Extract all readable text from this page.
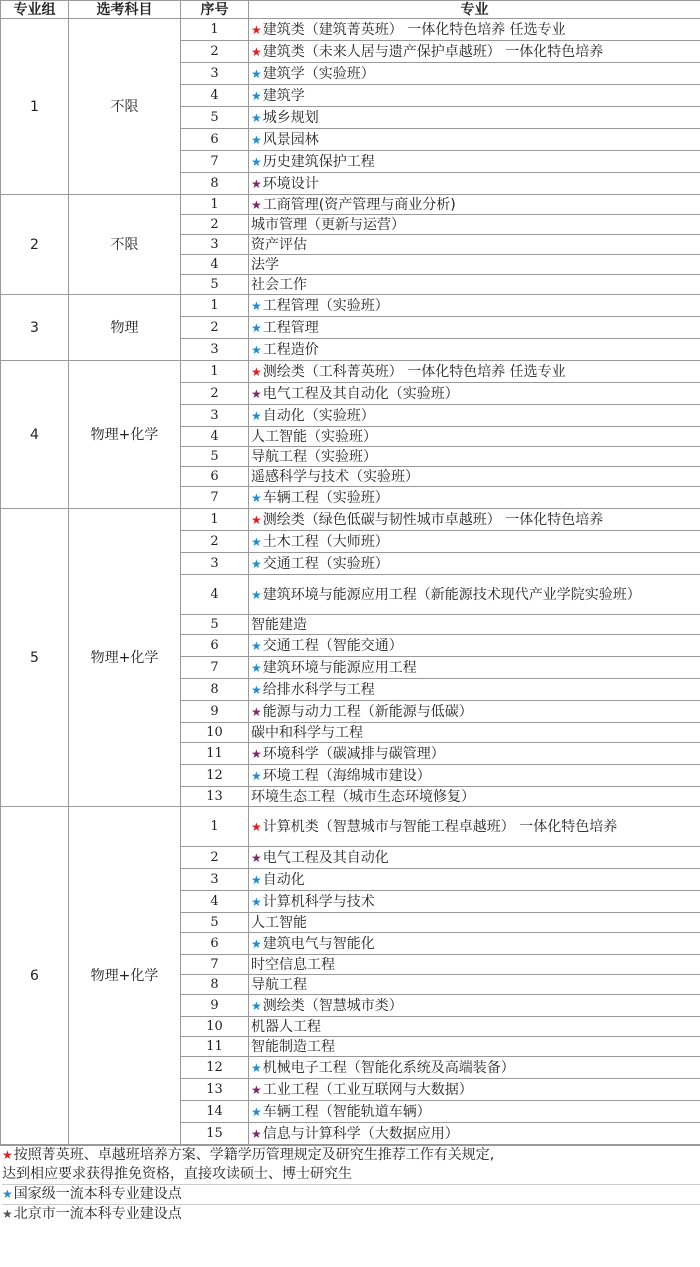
专业组	选考科目	序号	专业
1	不限	1	★建筑类（建筑菁英班） 一体化特色培养 任选专业
		2	★建筑类（未来人居与遗产保护卓越班） 一体化特色培养
		3	★建筑学（实验班）
		4	★建筑学
		5	★城乡规划
		6	★风景园林
		7	★历史建筑保护工程
		8	★环境设计
2	不限	1	★工商管理(资产管理与商业分析)
		2	城市管理（更新与运营）
		3	资产评估
		4	法学
		5	社会工作
3	物理	1	★工程管理（实验班）
		2	★工程管理
		3	★工程造价
4	物理+化学	1	★测绘类（工科菁英班） 一体化特色培养 任选专业
		2	★电气工程及其自动化（实验班）
		3	★自动化（实验班）
		4	人工智能（实验班）
		5	导航工程（实验班）
		6	遥感科学与技术（实验班）
		7	★车辆工程（实验班）
5	物理+化学	1	★测绘类（绿色低碳与韧性城市卓越班） 一体化特色培养
		2	★土木工程（大师班）
		3	★交通工程（实验班）
		4	★建筑环境与能源应用工程（新能源技术现代产业学院实验班）
		5	智能建造
		6	★交通工程（智能交通）
		7	★建筑环境与能源应用工程
		8	★给排水科学与工程
		9	★能源与动力工程（新能源与低碳）
		10	碳中和科学与工程
		11	★环境科学（碳减排与碳管理）
		12	★环境工程（海绵城市建设）
		13	环境生态工程（城市生态环境修复）
6	物理+化学	1	★计算机类（智慧城市与智能工程卓越班） 一体化特色培养
		2	★电气工程及其自动化
		3	★自动化
		4	★计算机科学与技术
		5	人工智能
		6	★建筑电气与智能化
		7	时空信息工程
		8	导航工程
		9	★测绘类（智慧城市类）
		10	机器人工程
		11	智能制造工程
		12	★机械电子工程（智能化系统及高端装备）
		13	★工业工程（工业互联网与大数据）
		14	★车辆工程（智能轨道车辆）
		15	★信息与计算科学（大数据应用）
★按照菁英班、卓越班培养方案、学籍学历管理规定及研究生推荐工作有关规定,
达到相应要求获得推免资格，直接攻读硕士、博士研究生
★国家级一流本科专业建设点
★北京市一流本科专业建设点
